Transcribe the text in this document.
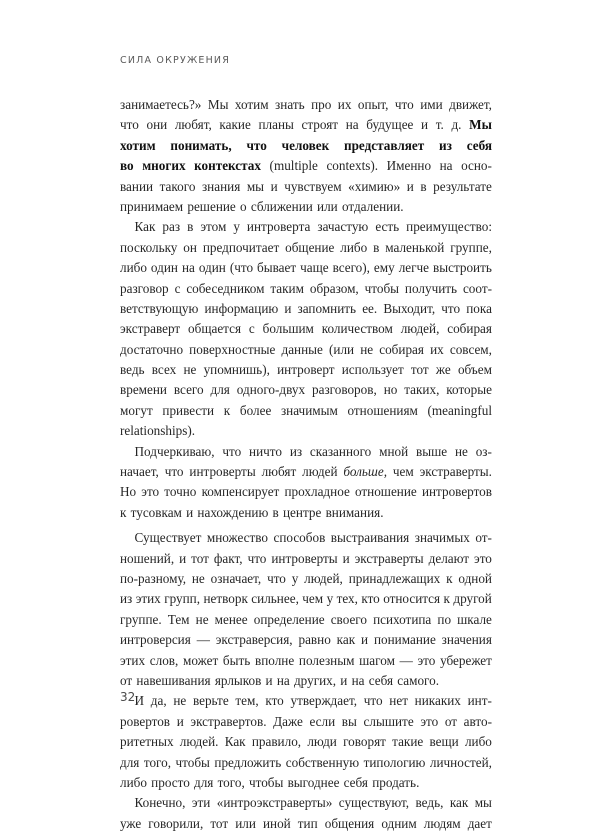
СИЛА ОКРУЖЕНИЯ
занимаетесь?» Мы хотим знать про их опыт, что ими движет,
что они любят, какие планы строят на будущее и т. д. Мы
хотим понимать, что человек представляет из себя
во многих контекстах (multiple contexts). Именно на осно-
вании такого знания мы и чувствуем «химию» и в результате
принимаем решение о сближении или отдалении.
Как раз в этом у интроверта зачастую есть преимущество:
поскольку он предпочитает общение либо в маленькой группе,
либо один на один (что бывает чаще всего), ему легче выстроить
разговор с собеседником таким образом, чтобы получить соот-
ветствующую информацию и запомнить ее. Выходит, что пока
экстраверт общается с большим количеством людей, собирая
достаточно поверхностные данные (или не собирая их совсем,
ведь всех не упомнишь), интроверт использует тот же объем
времени всего для одного-двух разговоров, но таких, которые
могут привести к более значимым отношениям (meaningful
relationships).
Подчеркиваю, что ничто из сказанного мной выше не оз-
начает, что интроверты любят людей больше, чем экстраверты.
Но это точно компенсирует прохладное отношение интровертов
к тусовкам и нахождению в центре внимания.
Существует множество способов выстраивания значимых от-
ношений, и тот факт, что интроверты и экстраверты делают это
по-разному, не означает, что у людей, принадлежащих к одной
из этих групп, нетворк сильнее, чем у тех, кто относится к другой
группе. Тем не менее определение своего психотипа по шкале
интроверсия — экстраверсия, равно как и понимание значения
этих слов, может быть вполне полезным шагом — это убережет
от навешивания ярлыков и на других, и на себя самого.
И да, не верьте тем, кто утверждает, что нет никаких инт-
ровертов и экстравертов. Даже если вы слышите это от авто-
ритетных людей. Как правило, люди говорят такие вещи либо
для того, чтобы предложить собственную типологию личностей,
либо просто для того, чтобы выгоднее себя продать.
Конечно, эти «интроэкстраверты» существуют, ведь, как мы
уже говорили, тот или иной тип общения одним людям дает
32
